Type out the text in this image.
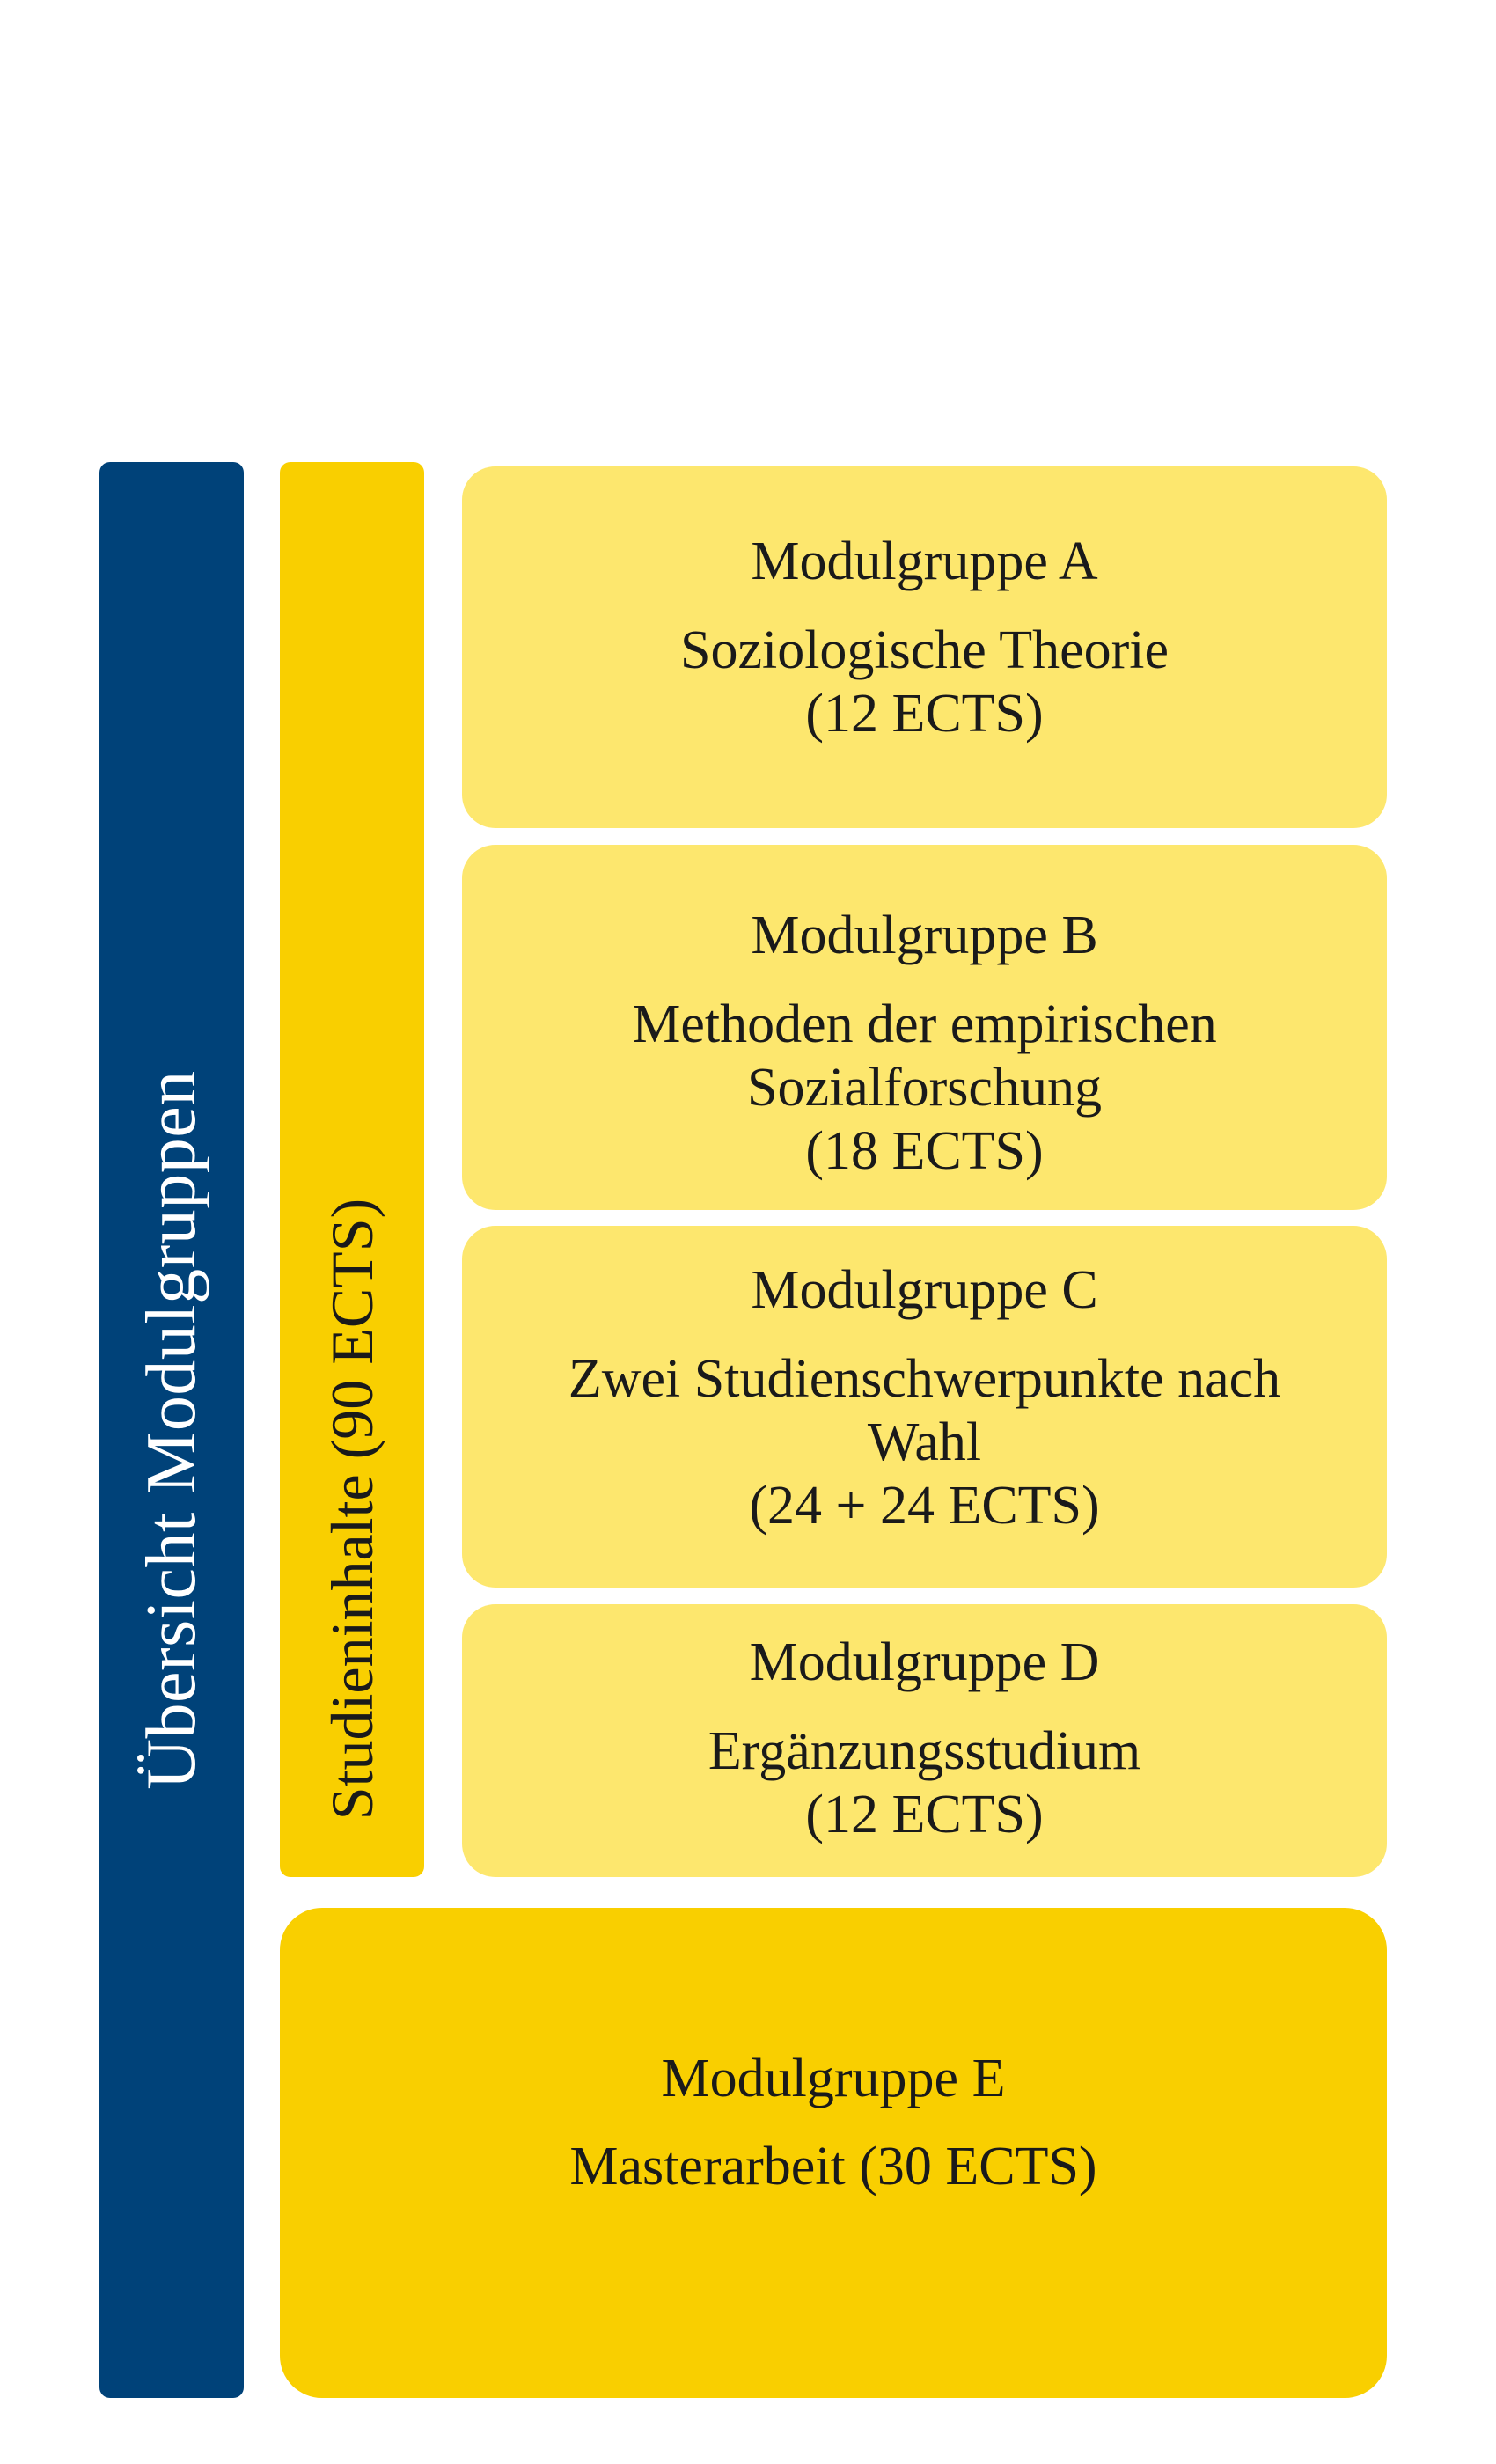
Übersicht Modulgruppen Studieninhalte (90 ECTS)
Modulgruppe A
Soziologische Theorie
(12 ECTS)
Modulgruppe B
Methoden der empirischen
Sozialforschung
(18 ECTS)
Modulgruppe C
Zwei Studienschwerpunkte nach
Wahl
(24 + 24 ECTS)
Modulgruppe D
Ergänzungsstudium
(12 ECTS)
Modulgruppe E
Masterarbeit (30 ECTS)
